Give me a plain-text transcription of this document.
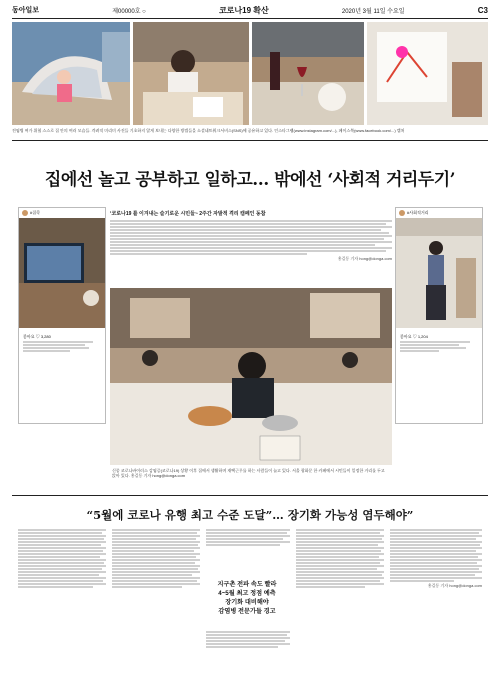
동아일보	제00000호 ○	코로나19 확산	2020년 3월 11일 수요일	C3
전염병 여가 위협 스스로 집 안의 여러 모습들. 격려적 미리미 사진들 기초하지 않게 보내는 다양한 방법들을 소셜네트워크서비스(SNS)에 공유하고 있다. 인스타그램(www.instagram.com/...), 페이스북(www.facebook.com/...) 캡처
집에선 놀고 공부하고 일하고… 밖에선 ‘사회적 거리두기’
#집콕
좋아요 ♡ 3,280
#사회적거리
좋아요 ♡ 1,204
‘코로나19 를 이겨내는 슬기로운 시민들~ 2주간 자발적 격리 캠페인 동참
홍길동 기자 hong@donga.com
신종 코로나바이러스 감염증(코로나19) 상황 이후 집에서 생활하며 재택근무를 하는 사람들이 늘고 있다. 서울 광화문 한 카페에서 시민들이 일정한 거리를 두고 앉아 있다. 홍길동 기자 hong@donga.com
“5월에 코로나 유행 최고 수준 도달”… 장기화 가능성 염두해야”
지구촌 전파 속도 빨라
4~5월 최고 정점 예측
장기화 대비해야
감염병 전문가들 경고
홍길동 기자 hong@donga.com
